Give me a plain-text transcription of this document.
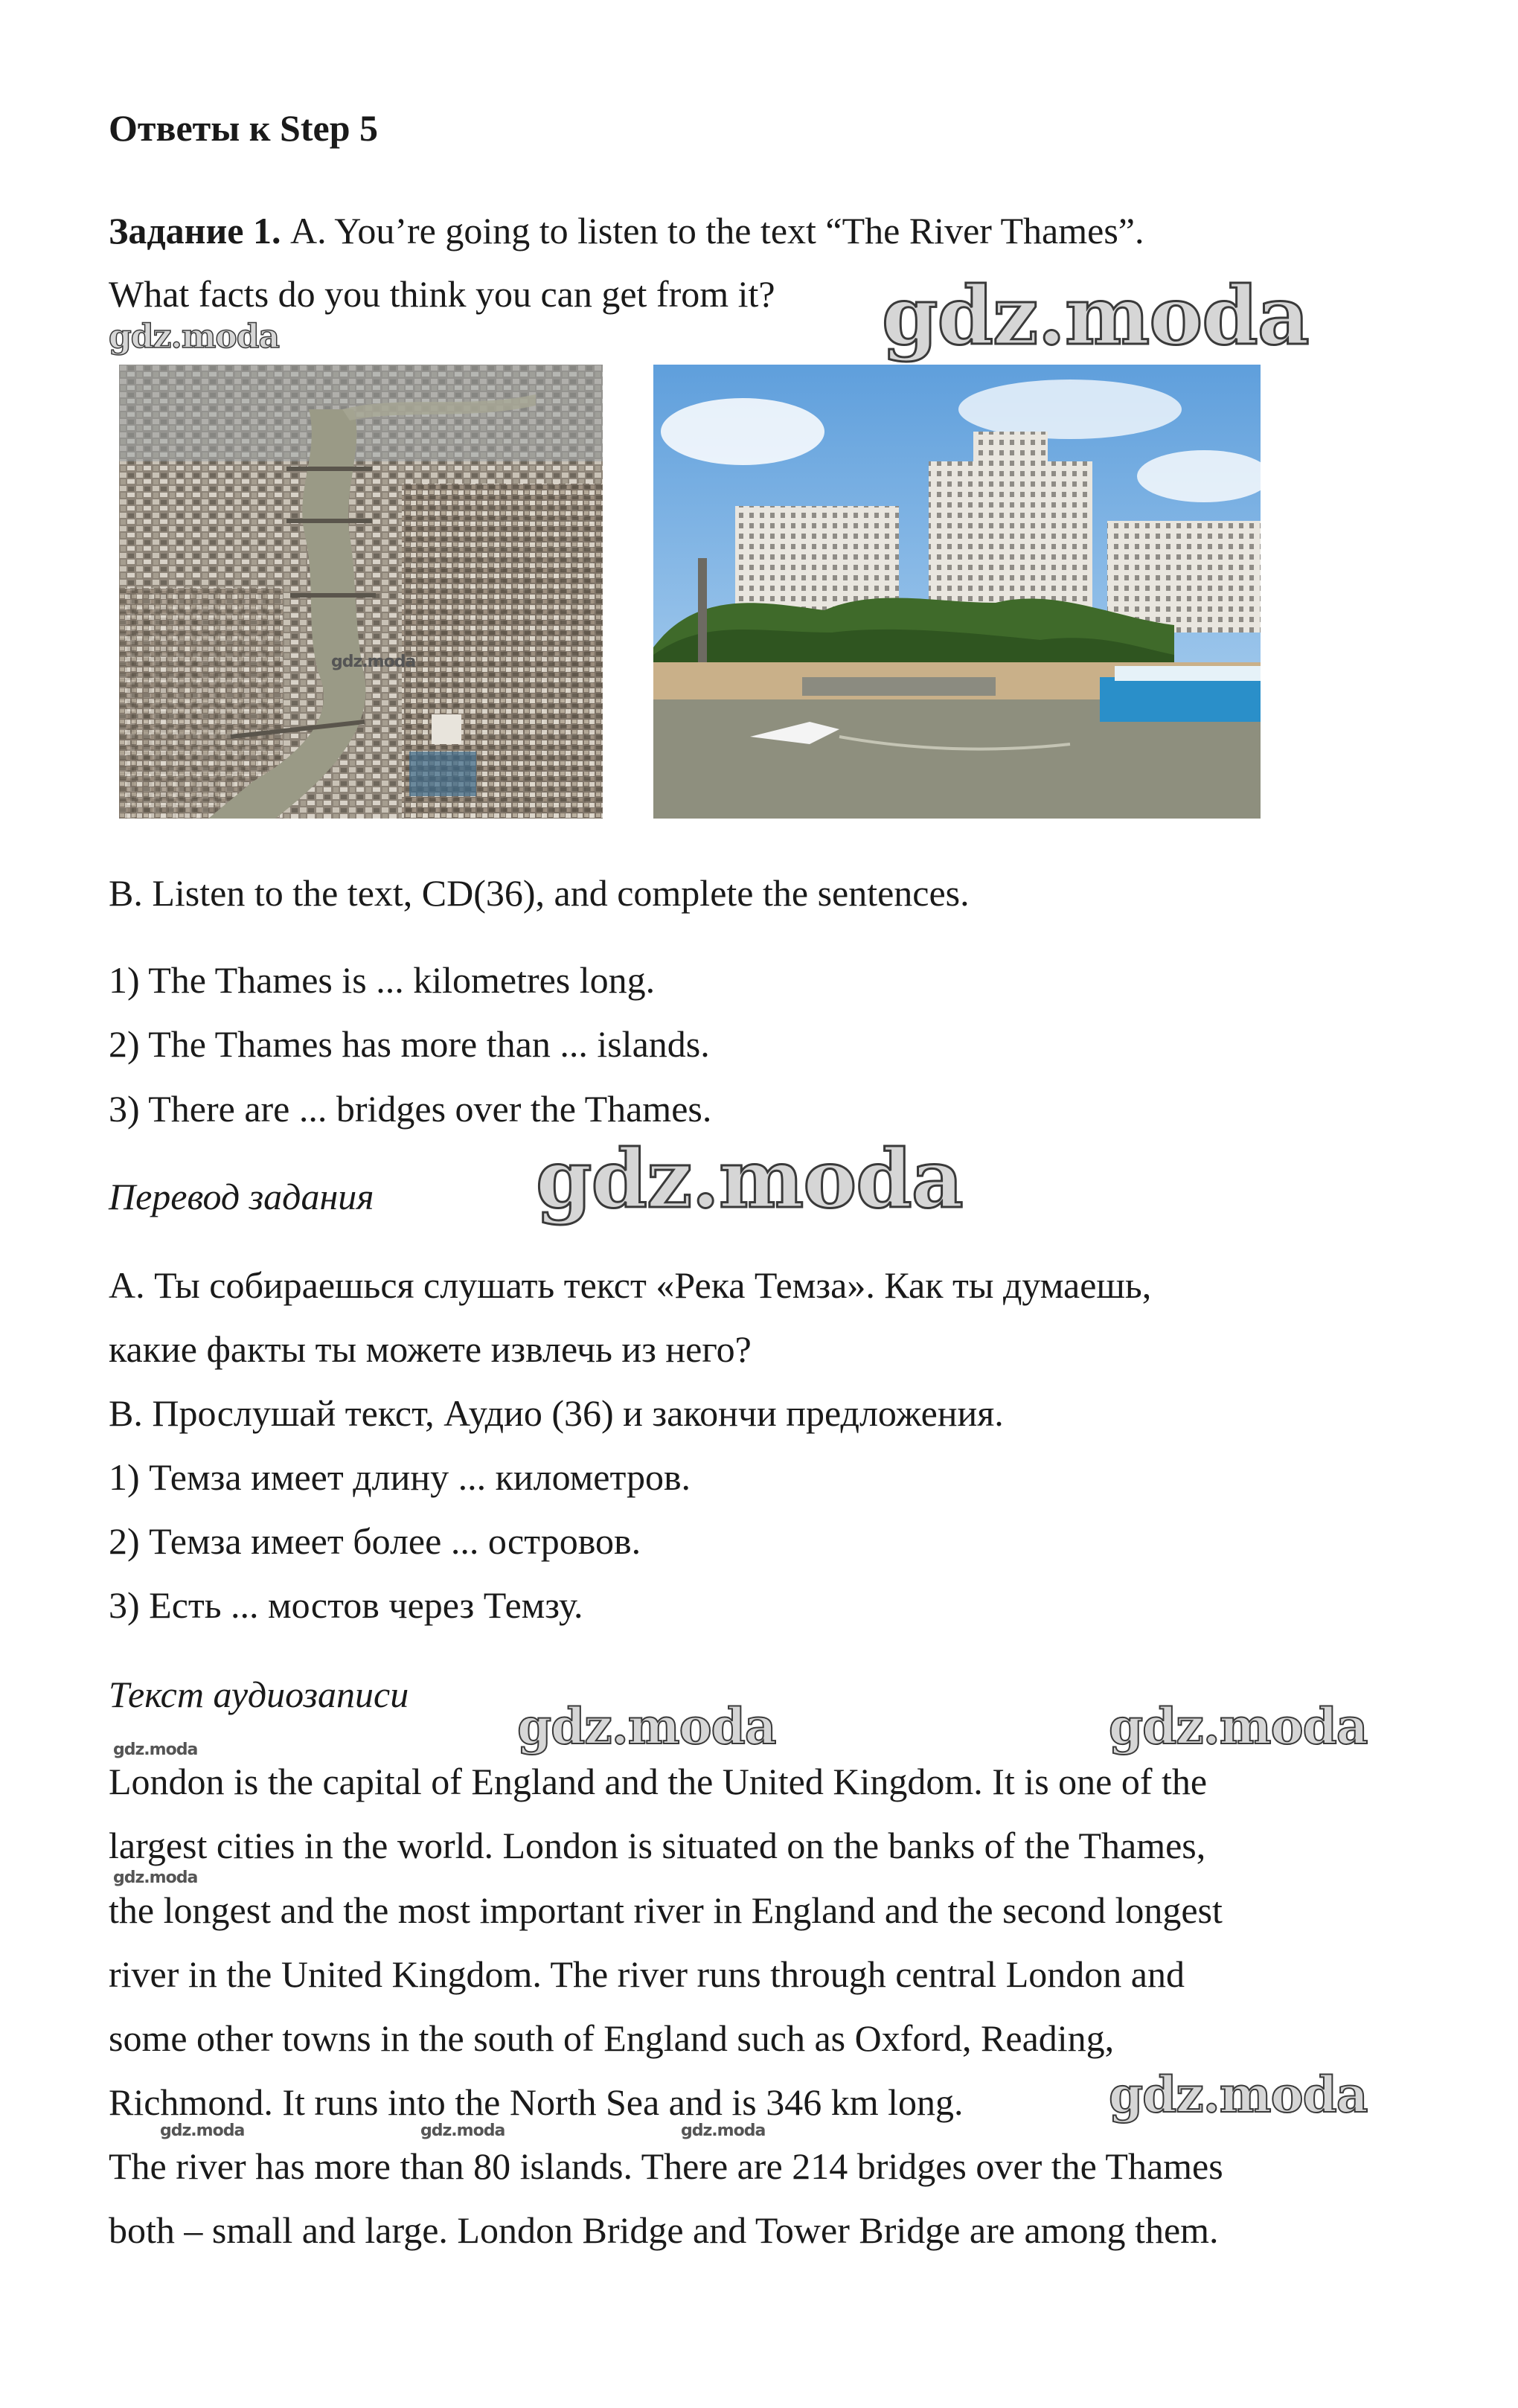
Ответы к Step 5
Задание 1. A. You’re going to listen to the text “The River Thames”.
What facts do you think you can get from it? gdz.moda
gdz.moda
gdz.moda
B. Listen to the text, CD(36), and complete the sentences.
1) The Thames is ... kilometres long.
2) The Thames has more than ... islands.
3) There are ... bridges over the Thames.
Перевод задания gdz.moda
A. Ты собираешься слушать текст «Река Темза». Как ты думаешь,
какие факты ты можете извлечь из него?
B. Прослушай текст, Аудио (36) и закончи предложения.
1) Темза имеет длину ... километров.
2) Темза имеет более ... островов.
3) Есть ... мостов через Темзу.
Текст аудиозаписи
gdz.moda	gdz.moda
gdz.moda
London is the capital of England and the United Kingdom. It is one of the
largest cities in the world. London is situated on the banks of the Thames,
gdz.moda
the longest and the most important river in England and the second longest
river in the United Kingdom. The river runs through central London and
some other towns in the south of England such as Oxford, Reading,
Richmond. It runs into the North Sea and is 346 km long.	gdz.moda
gdz.moda	gdz.moda	gdz.moda
The river has more than 80 islands. There are 214 bridges over the Thames
both – small and large. London Bridge and Tower Bridge are among them.
